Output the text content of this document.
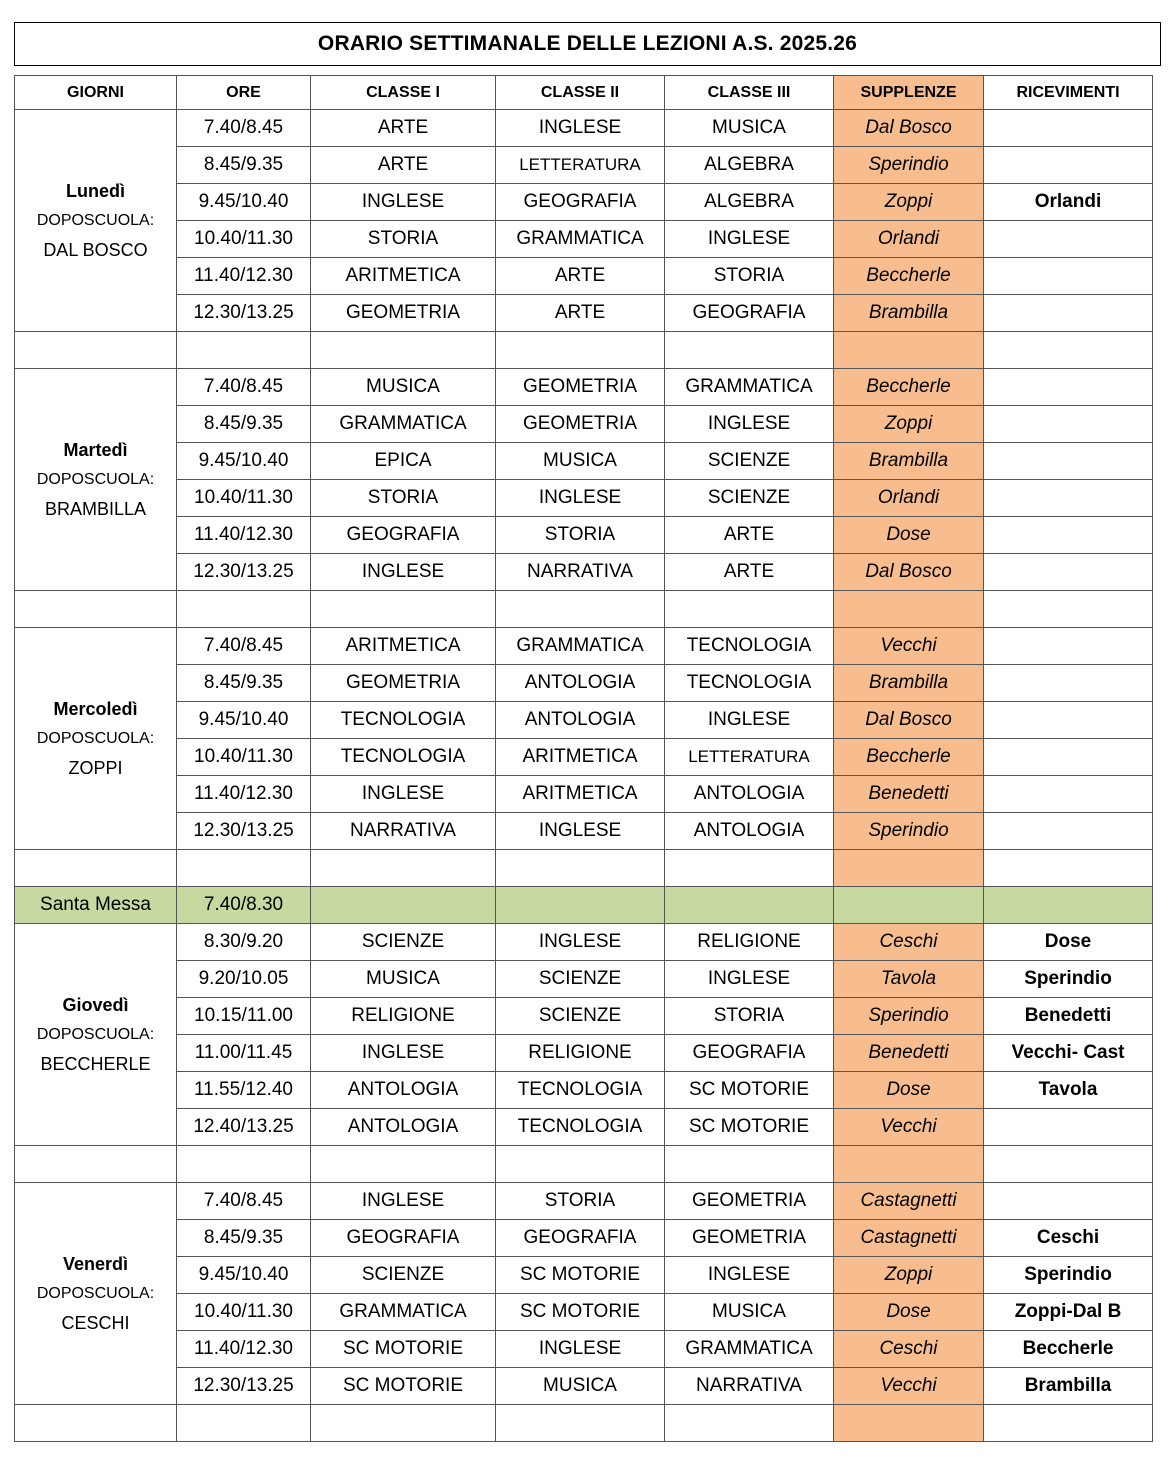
ORARIO SETTIMANALE DELLE LEZIONI A.S. 2025.26
GIORNI	ORE	CLASSE I	CLASSE II	CLASSE III	SUPPLENZE	RICEVIMENTI

Lunedì
DOPOSCUOLA:
DAL BOSCO	7.40/8.45	ARTE	INGLESE	MUSICA	Dal Bosco	
	8.45/9.35	ARTE	LETTERATURA	ALGEBRA	Sperindio	
	9.45/10.40	INGLESE	GEOGRAFIA	ALGEBRA	Zoppi	Orlandi
	10.40/11.30	STORIA	GRAMMATICA	INGLESE	Orlandi	
	11.40/12.30	ARITMETICA	ARTE	STORIA	Beccherle	
	12.30/13.25	GEOMETRIA	ARTE	GEOGRAFIA	Brambilla	

Martedì
DOPOSCUOLA:
BRAMBILLA	7.40/8.45	MUSICA	GEOMETRIA	GRAMMATICA	Beccherle	
	8.45/9.35	GRAMMATICA	GEOMETRIA	INGLESE	Zoppi	
	9.45/10.40	EPICA	MUSICA	SCIENZE	Brambilla	
	10.40/11.30	STORIA	INGLESE	SCIENZE	Orlandi	
	11.40/12.30	GEOGRAFIA	STORIA	ARTE	Dose	
	12.30/13.25	INGLESE	NARRATIVA	ARTE	Dal Bosco	

Mercoledì
DOPOSCUOLA:
ZOPPI	7.40/8.45	ARITMETICA	GRAMMATICA	TECNOLOGIA	Vecchi	
	8.45/9.35	GEOMETRIA	ANTOLOGIA	TECNOLOGIA	Brambilla	
	9.45/10.40	TECNOLOGIA	ANTOLOGIA	INGLESE	Dal Bosco	
	10.40/11.30	TECNOLOGIA	ARITMETICA	LETTERATURA	Beccherle	
	11.40/12.30	INGLESE	ARITMETICA	ANTOLOGIA	Benedetti	
	12.30/13.25	NARRATIVA	INGLESE	ANTOLOGIA	Sperindio	

Santa Messa	7.40/8.30					

Giovedì
DOPOSCUOLA:
BECCHERLE	8.30/9.20	SCIENZE	INGLESE	RELIGIONE	Ceschi	Dose
	9.20/10.05	MUSICA	SCIENZE	INGLESE	Tavola	Sperindio
	10.15/11.00	RELIGIONE	SCIENZE	STORIA	Sperindio	Benedetti
	11.00/11.45	INGLESE	RELIGIONE	GEOGRAFIA	Benedetti	Vecchi- Cast
	11.55/12.40	ANTOLOGIA	TECNOLOGIA	SC MOTORIE	Dose	Tavola
	12.40/13.25	ANTOLOGIA	TECNOLOGIA	SC MOTORIE	Vecchi	

Venerdì
DOPOSCUOLA:
CESCHI	7.40/8.45	INGLESE	STORIA	GEOMETRIA	Castagnetti	
	8.45/9.35	GEOGRAFIA	GEOGRAFIA	GEOMETRIA	Castagnetti	Ceschi
	9.45/10.40	SCIENZE	SC MOTORIE	INGLESE	Zoppi	Sperindio
	10.40/11.30	GRAMMATICA	SC MOTORIE	MUSICA	Dose	Zoppi-Dal B
	11.40/12.30	SC MOTORIE	INGLESE	GRAMMATICA	Ceschi	Beccherle
	12.30/13.25	SC MOTORIE	MUSICA	NARRATIVA	Vecchi	Brambilla
